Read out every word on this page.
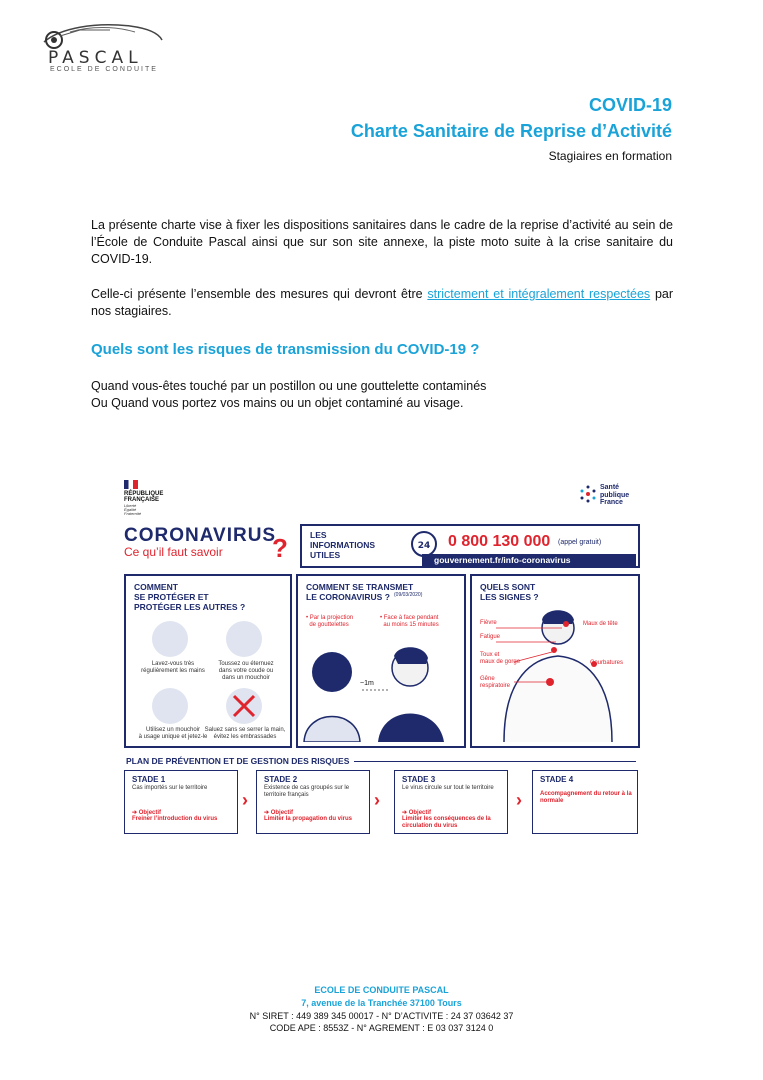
PASCAL
ECOLE DE CONDUITE
COVID-19
Charte Sanitaire de Reprise d’Activité
Stagiaires en formation
La présente charte vise à fixer les dispositions sanitaires dans le cadre de la reprise d’activité au sein de l’École de Conduite Pascal ainsi que sur son site annexe, la piste moto suite à la crise sanitaire du COVID-19.
Celle-ci présente l’ensemble des mesures qui devront être strictement et intégralement respectées par nos stagiaires.
Quels sont les risques de transmission du COVID-19 ?
Quand vous-êtes touché par un postillon ou une gouttelette contaminés
Ou Quand vous portez vos mains ou un objet contaminé au visage.
RÉPUBLIQUE
FRANÇAISE
Liberté
Égalité
Fraternité
Santé
publique
France
CORONAVIRUS
Ce qu’il faut savoir ?	LES
INFORMATIONS
UTILES
24 0 800 130 000 (appel gratuit)
gouvernement.fr/info-coronavirus
COMMENT
SE PROTÉGER ET
PROTÉGER LES AUTRES ?
Lavez-vous très
régulièrement les mains
Toussez ou éternuez
dans votre coude ou
dans un mouchoir
Utilisez un mouchoir
à usage unique et jetez-le
Saluez sans se serrer la main,
évitez les embrassades
COMMENT SE TRANSMET
LE CORONAVIRUS ? (09/03/2020)
• Par la projection
de gouttelettes
• Face à face pendant
au moins 15 minutes
~1m
QUELS SONT
LES SIGNES ?
Fièvre	Maux de tête
Fatigue
Toux et
maux de gorge	Courbatures
Gêne
respiratoire
PLAN DE PRÉVENTION ET DE GESTION DES RISQUES
STADE 1
Cas importés sur le territoire
➔ Objectif
Freiner l’introduction du virus
›
STADE 2
Existence de cas groupés sur le territoire français
➔ Objectif
Limiter la propagation du virus
›
STADE 3
Le virus circule sur tout le territoire
➔ Objectif
Limiter les conséquences de la circulation du virus
›
STADE 4
Accompagnement du retour à la normale
ECOLE DE CONDUITE PASCAL
7, avenue de la Tranchée 37100 Tours
N° SIRET : 449 389 345 00017 - N° D’ACTIVITE : 24 37 03642 37
CODE APE : 8553Z - N° AGREMENT : E 03 037 3124 0
